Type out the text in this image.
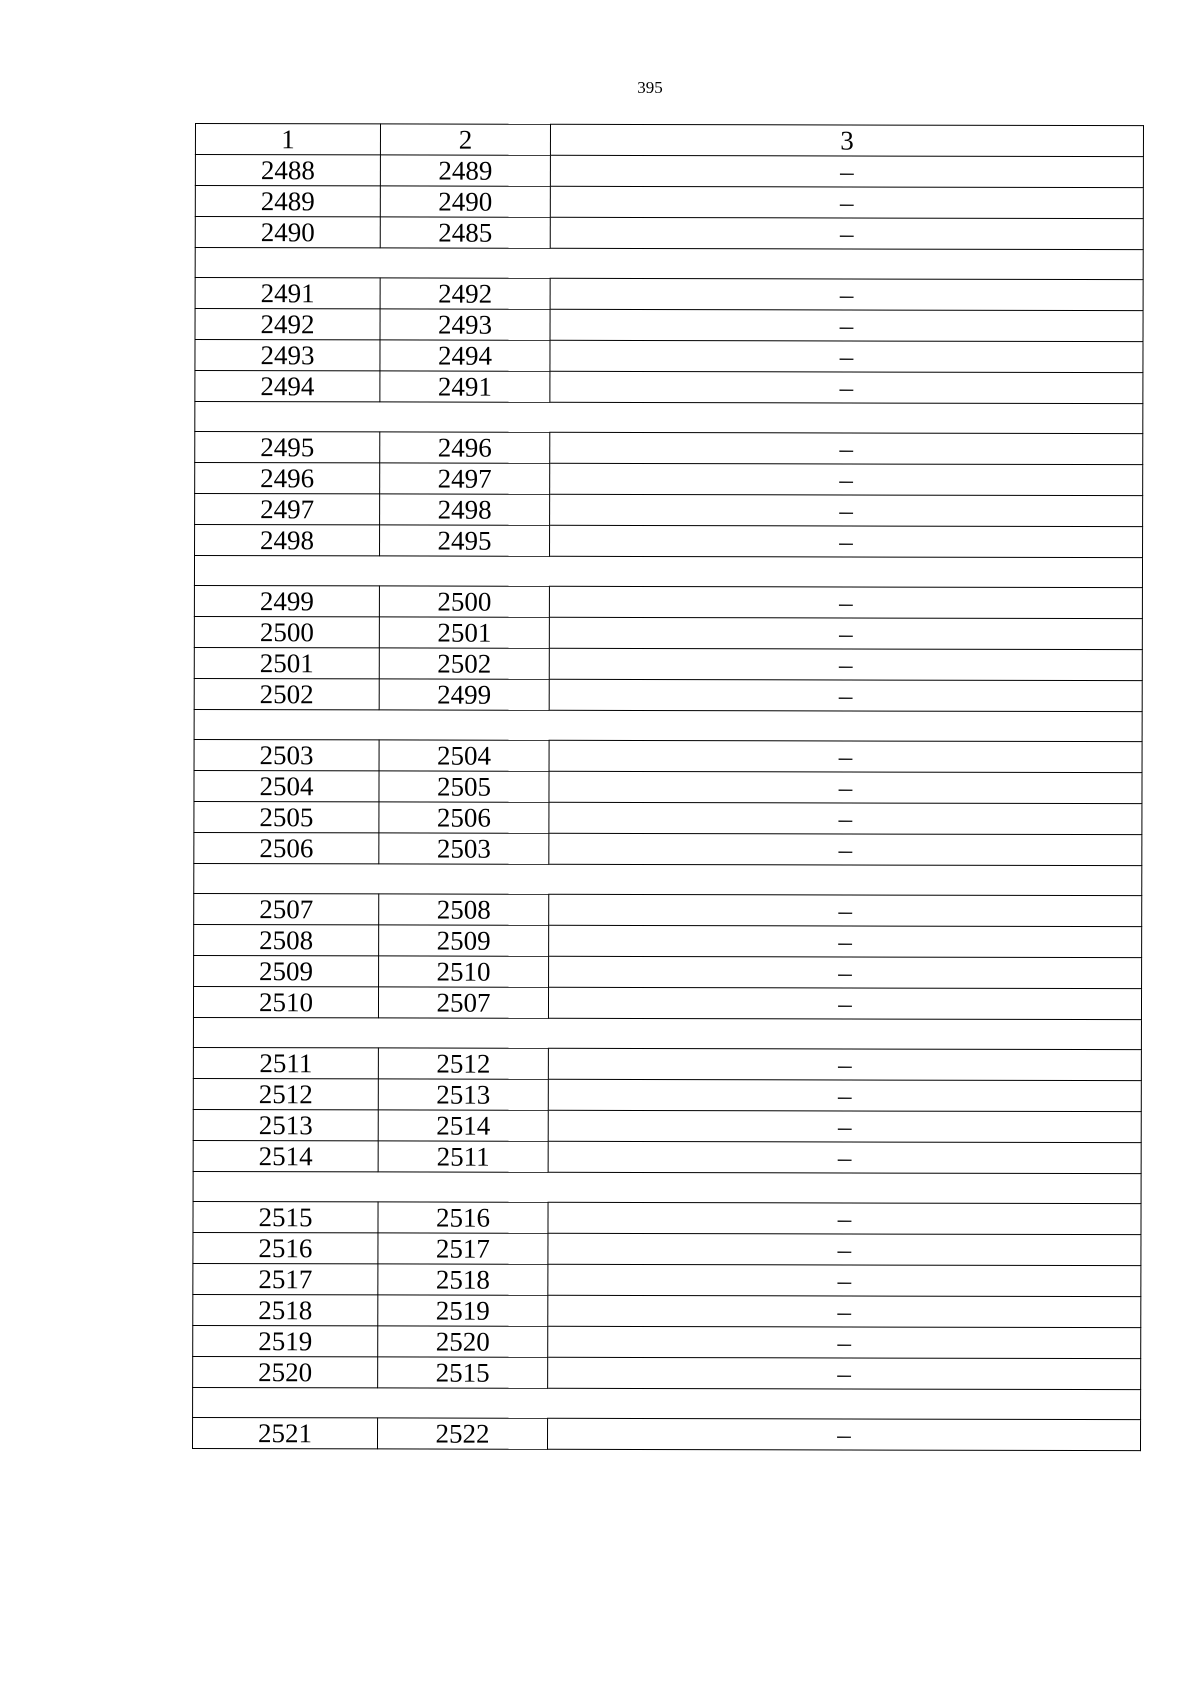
395
1	2	3
2488	2489	–
2489	2490	–
2490	2485	–

2491	2492	–
2492	2493	–
2493	2494	–
2494	2491	–

2495	2496	–
2496	2497	–
2497	2498	–
2498	2495	–

2499	2500	–
2500	2501	–
2501	2502	–
2502	2499	–

2503	2504	–
2504	2505	–
2505	2506	–
2506	2503	–

2507	2508	–
2508	2509	–
2509	2510	–
2510	2507	–

2511	2512	–
2512	2513	–
2513	2514	–
2514	2511	–

2515	2516	–
2516	2517	–
2517	2518	–
2518	2519	–
2519	2520	–
2520	2515	–

2521	2522	–
